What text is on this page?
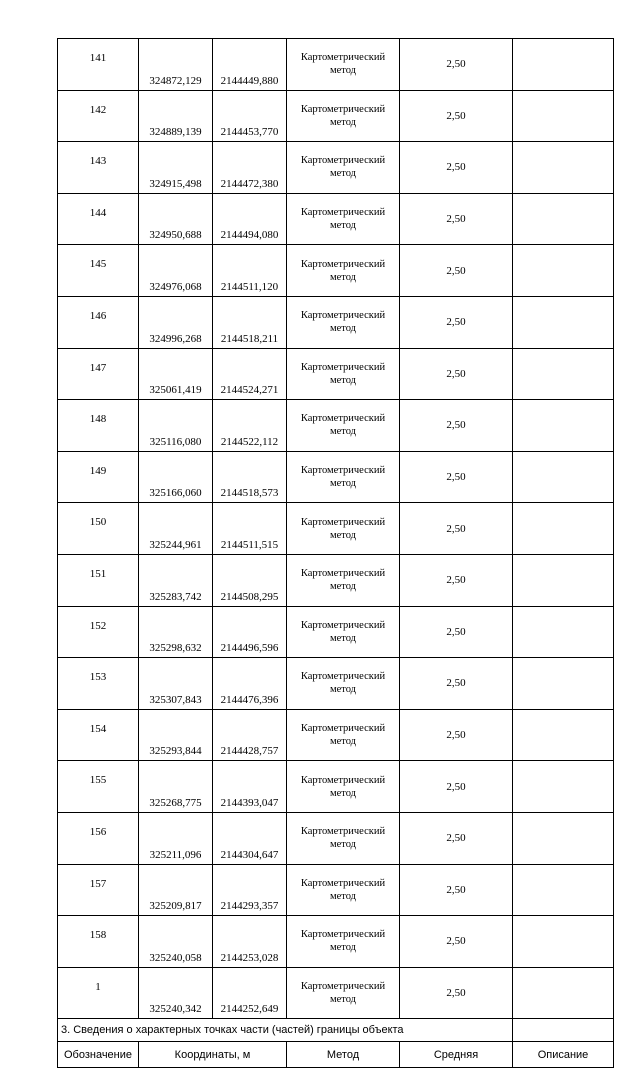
141	324872,129	2144449,880	Картометрический метод	2,50	
142	324889,139	2144453,770	Картометрический метод	2,50	
143	324915,498	2144472,380	Картометрический метод	2,50	
144	324950,688	2144494,080	Картометрический метод	2,50	
145	324976,068	2144511,120	Картометрический метод	2,50	
146	324996,268	2144518,211	Картометрический метод	2,50	
147	325061,419	2144524,271	Картометрический метод	2,50	
148	325116,080	2144522,112	Картометрический метод	2,50	
149	325166,060	2144518,573	Картометрический метод	2,50	
150	325244,961	2144511,515	Картометрический метод	2,50	
151	325283,742	2144508,295	Картометрический метод	2,50	
152	325298,632	2144496,596	Картометрический метод	2,50	
153	325307,843	2144476,396	Картометрический метод	2,50	
154	325293,844	2144428,757	Картометрический метод	2,50	
155	325268,775	2144393,047	Картометрический метод	2,50	
156	325211,096	2144304,647	Картометрический метод	2,50	
157	325209,817	2144293,357	Картометрический метод	2,50	
158	325240,058	2144253,028	Картометрический метод	2,50	
1	325240,342	2144252,649	Картометрический метод	2,50	
3. Сведения о характерных точках части (частей) границы объекта					
Обозначение	Координаты, м		Метод	Средняя	Описание
